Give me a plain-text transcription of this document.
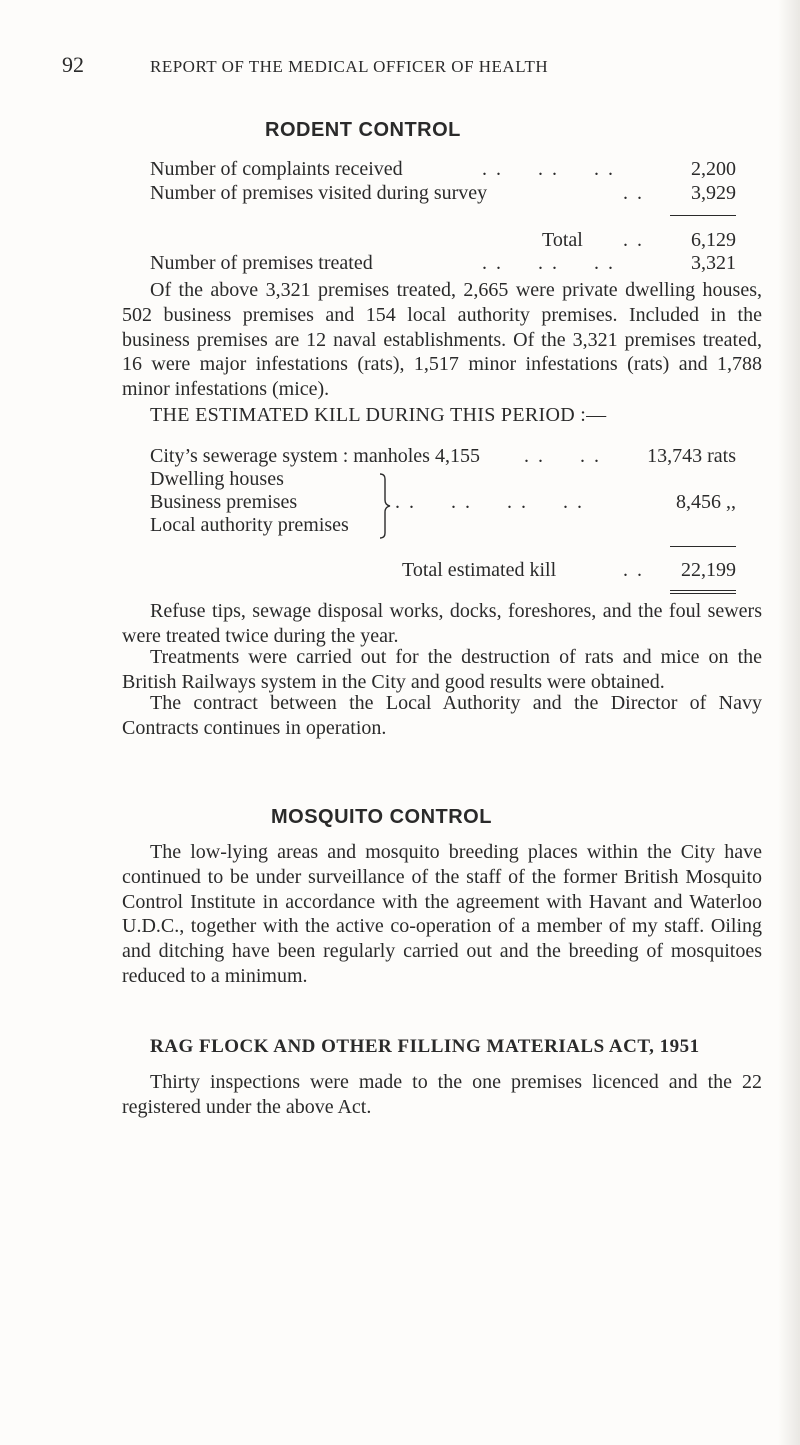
92	REPORT OF THE MEDICAL OFFICER OF HEALTH
RODENT CONTROL
Number of complaints received	. .     . .     . .	2,200
Number of premises visited during survey	. . 3,929
Total . . 6,129
Number of premises treated	. .     . .     . .	3,321

Of the above 3,321 premises treated, 2,665 were private dwelling houses, 502 business premises and 154 local authority premises. Included in the business premises are 12 naval establishments. Of the 3,321 premises treated, 16 were major infestations (rats), 1,517 minor infestations (rats) and 1,788 minor infestations (mice).

THE ESTIMATED KILL DURING THIS PERIOD :—
City’s sewerage system : manholes 4,155 . .     . . 13,743 rats
Dwelling houses
Business premises
Local authority premises
. .     . .     . .     . .	8,456 ,,
Total estimated kill	. . 22,199

Refuse tips, sewage disposal works, docks, foreshores, and the foul sewers were treated twice during the year.

Treatments were carried out for the destruction of rats and mice on the British Railways system in the City and good results were obtained.

The contract between the Local Authority and the Director of Navy Contracts continues in operation.

MOSQUITO CONTROL

The low-lying areas and mosquito breeding places within the City have continued to be under surveillance of the staff of the former British Mosquito Control Institute in accordance with the agreement with Havant and Waterloo U.D.C., together with the active co-operation of a member of my staff. Oiling and ditching have been regularly carried out and the breeding of mosquitoes reduced to a minimum.

RAG FLOCK AND OTHER FILLING MATERIALS ACT, 1951

Thirty inspections were made to the one premises licenced and the 22 registered under the above Act.
